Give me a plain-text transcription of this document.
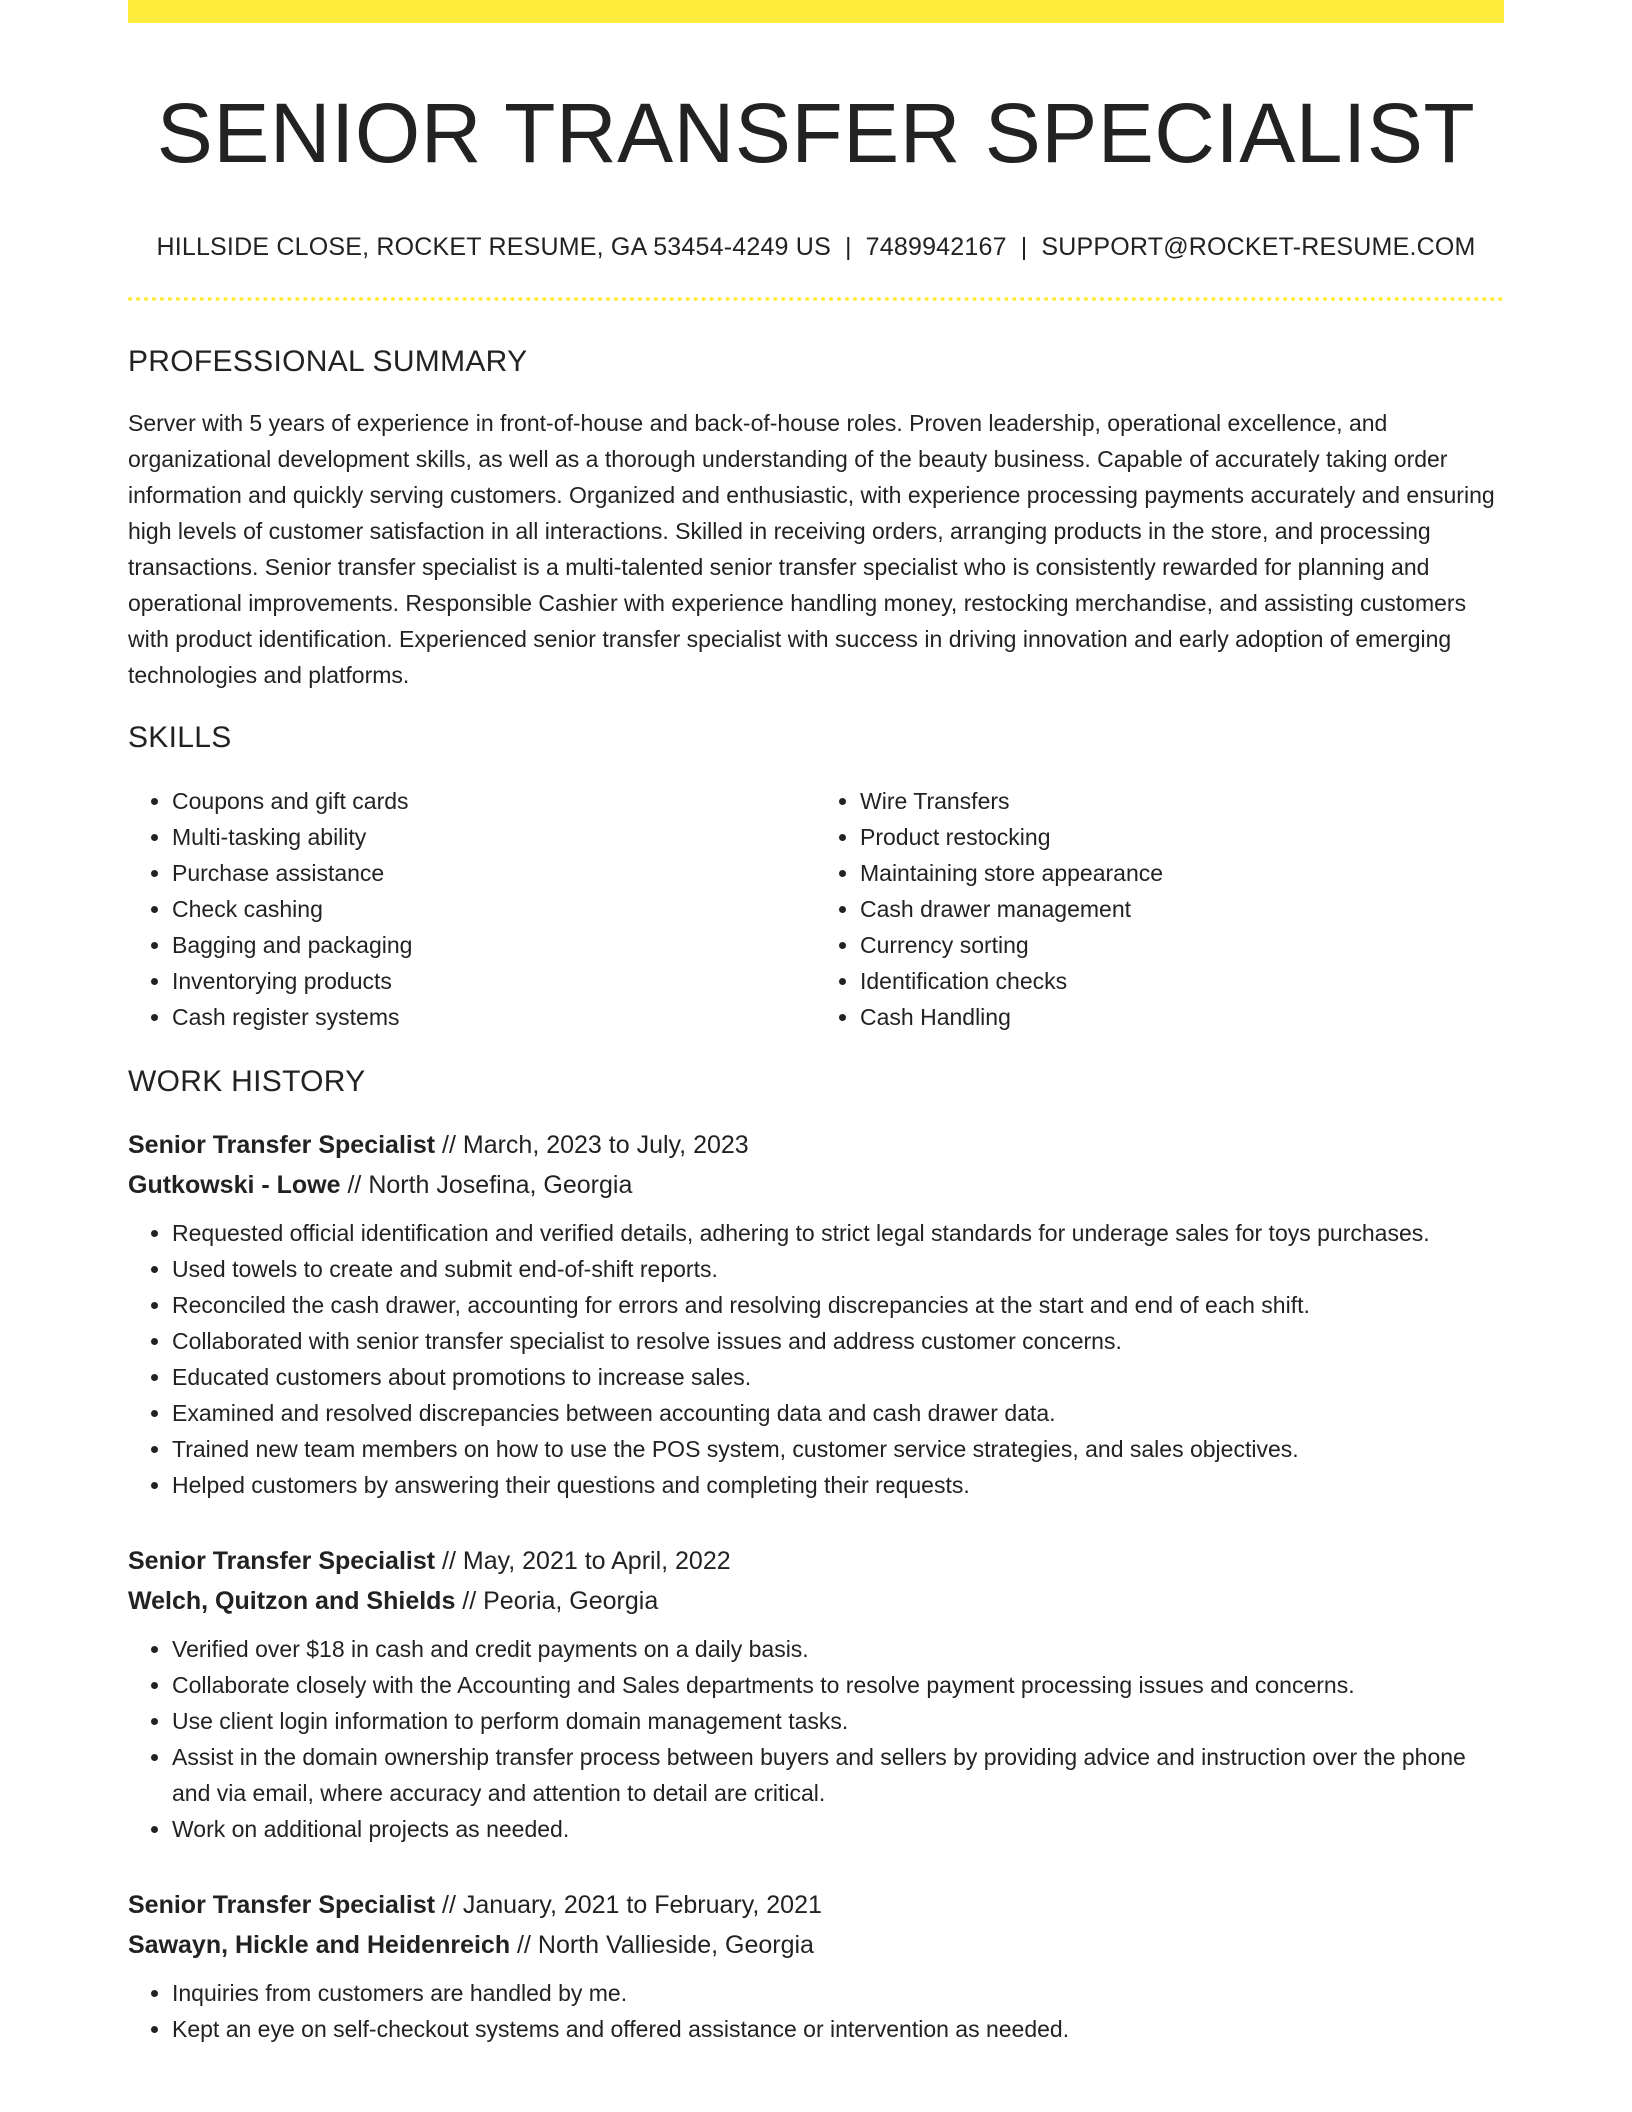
SENIOR TRANSFER SPECIALIST
HILLSIDE CLOSE, ROCKET RESUME, GA 53454-4249 US | 7489942167 | SUPPORT@ROCKET-RESUME.COM
PROFESSIONAL SUMMARY

Server with 5 years of experience in front-of-house and back-of-house roles. Proven leadership, operational excellence, and organizational development skills, as well as a thorough understanding of the beauty business. Capable of accurately taking order information and quickly serving customers. Organized and enthusiastic, with experience processing payments accurately and ensuring high levels of customer satisfaction in all interactions. Skilled in receiving orders, arranging products in the store, and processing transactions. Senior transfer specialist is a multi-talented senior transfer specialist who is consistently rewarded for planning and operational improvements. Responsible Cashier with experience handling money, restocking merchandise, and assisting customers with product identification. Experienced senior transfer specialist with success in driving innovation and early adoption of emerging technologies and platforms.

SKILLS
• Coupons and gift cards
• Multi-tasking ability
• Purchase assistance
• Check cashing
• Bagging and packaging
• Inventorying products
• Cash register systems
• Wire Transfers
• Product restocking
• Maintaining store appearance
• Cash drawer management
• Currency sorting
• Identification checks
• Cash Handling
WORK HISTORY
Senior Transfer Specialist // March, 2023 to July, 2023
Gutkowski - Lowe // North Josefina, Georgia
• Requested official identification and verified details, adhering to strict legal standards for underage sales for toys purchases.
• Used towels to create and submit end-of-shift reports.
• Reconciled the cash drawer, accounting for errors and resolving discrepancies at the start and end of each shift.
• Collaborated with senior transfer specialist to resolve issues and address customer concerns.
• Educated customers about promotions to increase sales.
• Examined and resolved discrepancies between accounting data and cash drawer data.
• Trained new team members on how to use the POS system, customer service strategies, and sales objectives.
• Helped customers by answering their questions and completing their requests.
Senior Transfer Specialist // May, 2021 to April, 2022
Welch, Quitzon and Shields // Peoria, Georgia
• Verified over $18 in cash and credit payments on a daily basis.
• Collaborate closely with the Accounting and Sales departments to resolve payment processing issues and concerns.
• Use client login information to perform domain management tasks.
• Assist in the domain ownership transfer process between buyers and sellers by providing advice and instruction over the phone and via email, where accuracy and attention to detail are critical.
• Work on additional projects as needed.
Senior Transfer Specialist // January, 2021 to February, 2021
Sawayn, Hickle and Heidenreich // North Vallieside, Georgia
• Inquiries from customers are handled by me.
• Kept an eye on self-checkout systems and offered assistance or intervention as needed.
